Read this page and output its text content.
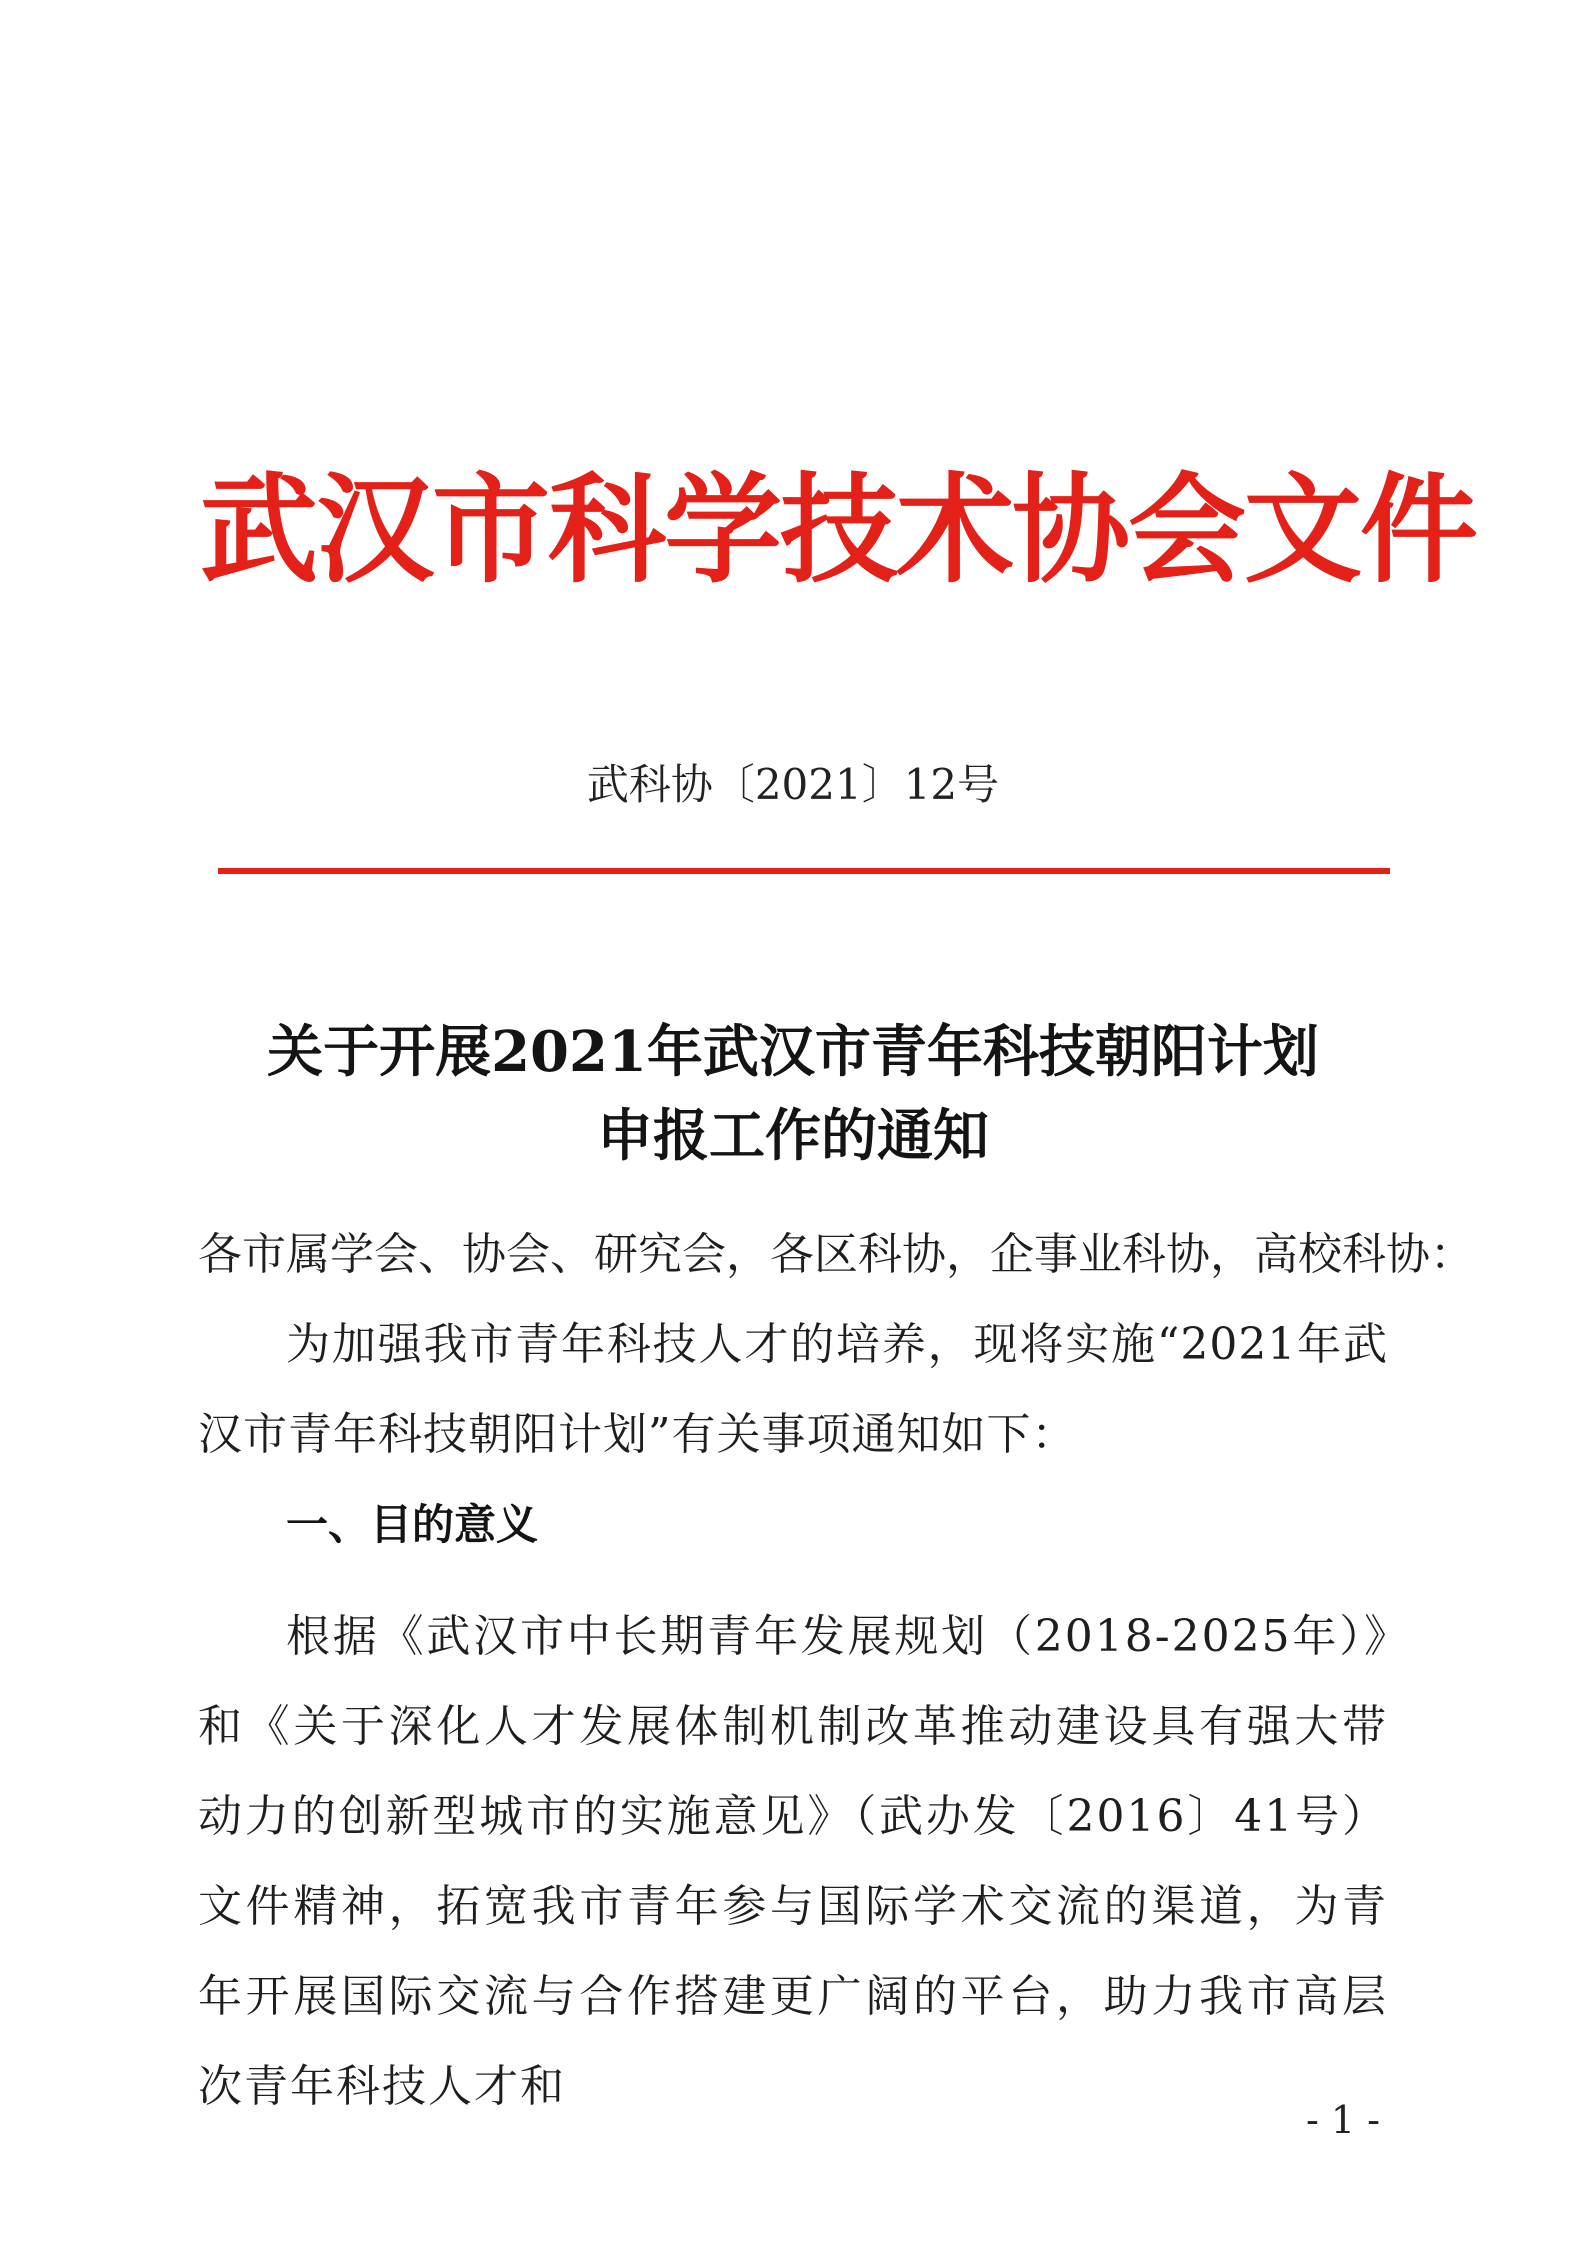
武汉市科学技术协会文件
武科协〔2021〕12号
关于开展2021年武汉市青年科技朝阳计划
申报工作的通知
各市属学会、协会、研究会，各区科协，企事业科协，高校科协：
为加强我市青年科技人才的培养，现将实施“2021年武汉市青年科技朝阳计划”有关事项通知如下：
一、目的意义
根据《武汉市中长期青年发展规划（2018-2025年）》和《关于深化人才发展体制机制改革推动建设具有强大带动力的创新型城市的实施意见》（武办发〔2016〕41号）文件精神，拓宽我市青年参与国际学术交流的渠道，为青年开展国际交流与合作搭建更广阔的平台，助力我市高层次青年科技人才和
- 1 -
